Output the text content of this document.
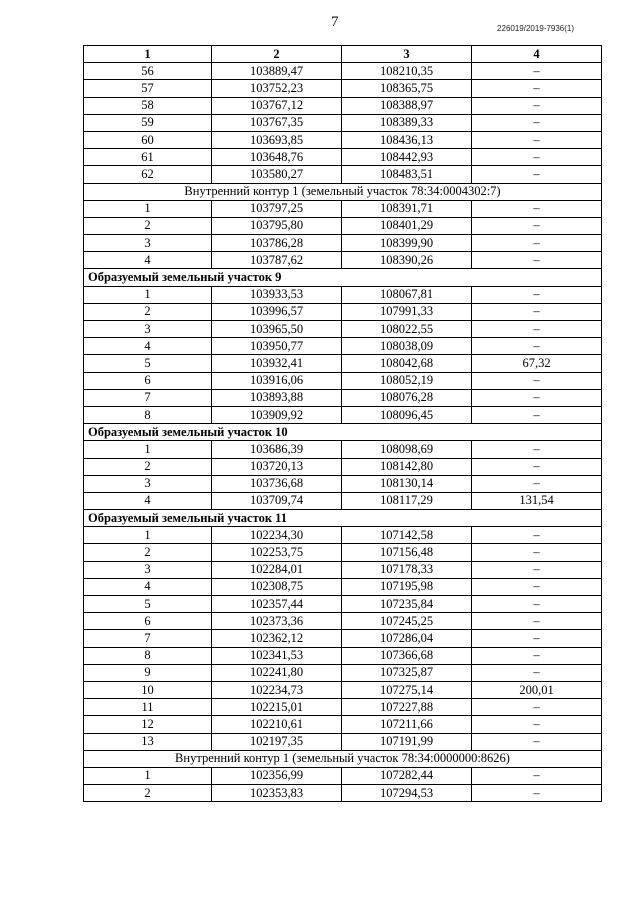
7	226019/2019-7936(1)
1	2	3	4
56	103889,47	108210,35	–
57	103752,23	108365,75	–
58	103767,12	108388,97	–
59	103767,35	108389,33	–
60	103693,85	108436,13	–
61	103648,76	108442,93	–
62	103580,27	108483,51	–
Внутренний контур 1 (земельный участок 78:34:0004302:7)			
1	103797,25	108391,71	–
2	103795,80	108401,29	–
3	103786,28	108399,90	–
4	103787,62	108390,26	–
Образуемый земельный участок 9			
1	103933,53	108067,81	–
2	103996,57	107991,33	–
3	103965,50	108022,55	–
4	103950,77	108038,09	–
5	103932,41	108042,68	67,32
6	103916,06	108052,19	–
7	103893,88	108076,28	–
8	103909,92	108096,45	–
Образуемый земельный участок 10			
1	103686,39	108098,69	–
2	103720,13	108142,80	–
3	103736,68	108130,14	–
4	103709,74	108117,29	131,54
Образуемый земельный участок 11			
1	102234,30	107142,58	–
2	102253,75	107156,48	–
3	102284,01	107178,33	–
4	102308,75	107195,98	–
5	102357,44	107235,84	–
6	102373,36	107245,25	–
7	102362,12	107286,04	–
8	102341,53	107366,68	–
9	102241,80	107325,87	–
10	102234,73	107275,14	200,01
11	102215,01	107227,88	–
12	102210,61	107211,66	–
13	102197,35	107191,99	–
Внутренний контур 1 (земельный участок 78:34:0000000:8626)			
1	102356,99	107282,44	–
2	102353,83	107294,53	–
